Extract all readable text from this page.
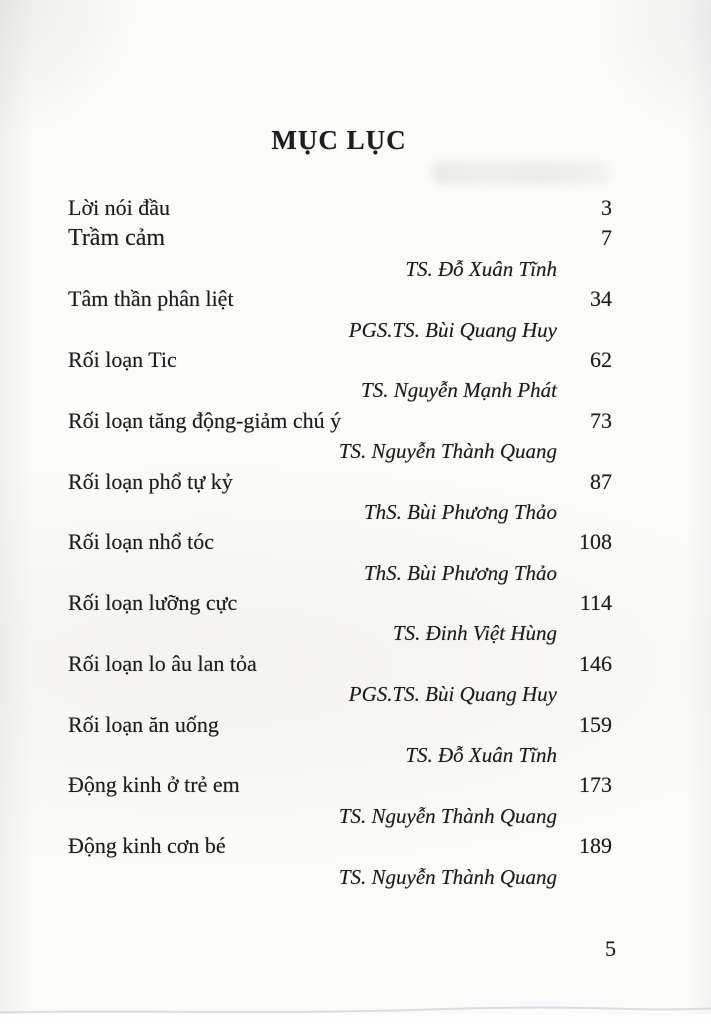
MỤC LỤC
Lời nói đầu	3
Trầm cảm	7
TS. Đỗ Xuân Tĩnh
Tâm thần phân liệt	34
PGS.TS. Bùi Quang Huy
Rối loạn Tic	62
TS. Nguyễn Mạnh Phát
Rối loạn tăng động-giảm chú ý	73
TS. Nguyễn Thành Quang
Rối loạn phổ tự kỷ	87
ThS. Bùi Phương Thảo
Rối loạn nhổ tóc	108
ThS. Bùi Phương Thảo
Rối loạn lưỡng cực	114
TS. Đinh Việt Hùng
Rối loạn lo âu lan tỏa	146
PGS.TS. Bùi Quang Huy
Rối loạn ăn uống	159
TS. Đỗ Xuân Tĩnh
Động kinh ở trẻ em	173
TS. Nguyễn Thành Quang
Động kinh cơn bé	189
TS. Nguyễn Thành Quang
5
